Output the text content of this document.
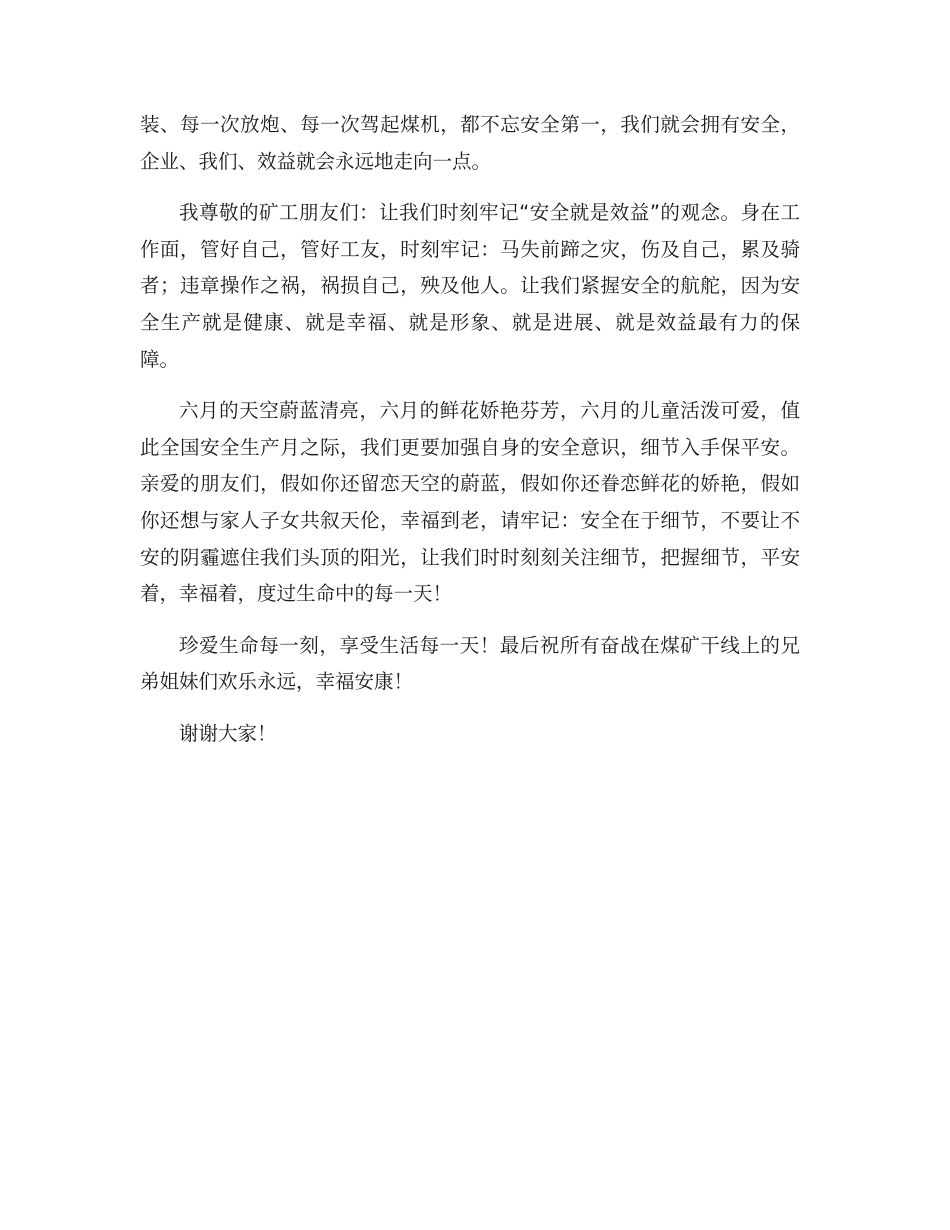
装、每一次放炮、每一次驾起煤机，都不忘安全第一，我们就会拥有安全，企业、我们、效益就会永远地走向一点。

我尊敬的矿工朋友们：让我们时刻牢记“安全就是效益”的观念。身在工作面，管好自己，管好工友，时刻牢记：马失前蹄之灾，伤及自己，累及骑者；违章操作之祸，祸损自己，殃及他人。让我们紧握安全的航舵，因为安全生产就是健康、就是幸福、就是形象、就是进展、就是效益最有力的保障。

六月的天空蔚蓝清亮，六月的鲜花娇艳芬芳，六月的儿童活泼可爱，值此全国安全生产月之际，我们更要加强自身的安全意识，细节入手保平安。亲爱的朋友们，假如你还留恋天空的蔚蓝，假如你还眷恋鲜花的娇艳，假如你还想与家人子女共叙天伦，幸福到老，请牢记：安全在于细节，不要让不安的阴霾遮住我们头顶的阳光，让我们时时刻刻关注细节，把握细节，平安着，幸福着，度过生命中的每一天！

珍爱生命每一刻，享受生活每一天！最后祝所有奋战在煤矿干线上的兄弟姐妹们欢乐永远，幸福安康！

谢谢大家！
